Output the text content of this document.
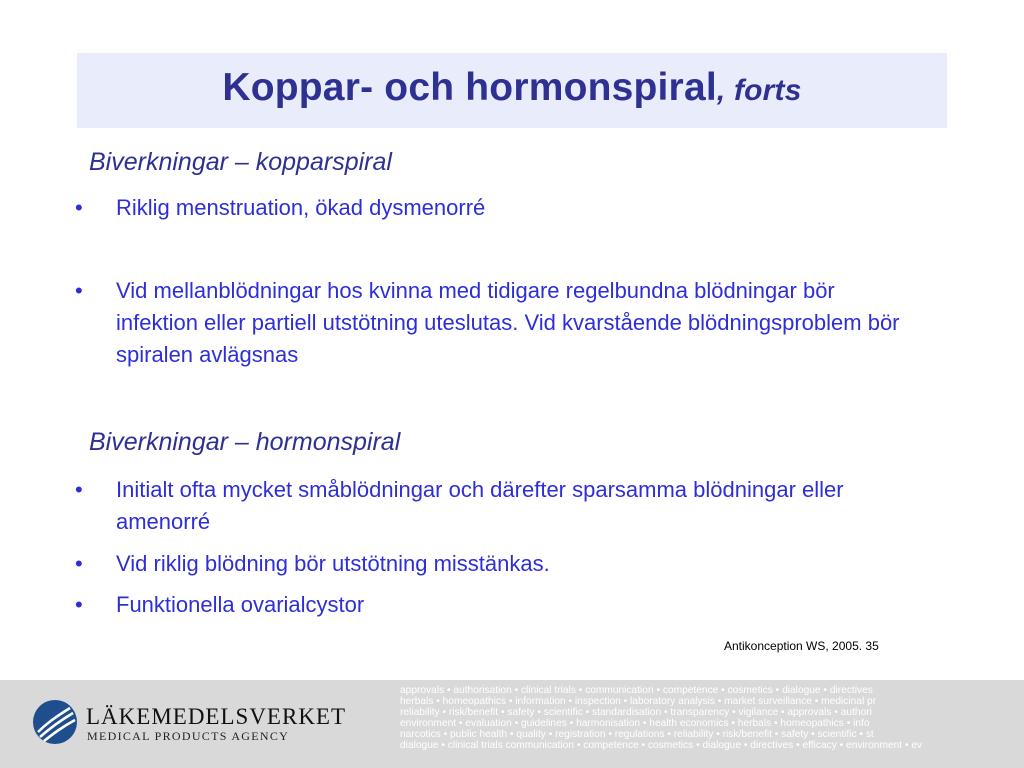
Koppar- och hormonspiral, forts
Biverkningar – kopparspiral
• Riklig menstruation, ökad dysmenorré
• Vid mellanblödningar hos kvinna med tidigare regelbundna blödningar bör infektion eller partiell utstötning uteslutas. Vid kvarstående blödningsproblem bör spiralen avlägsnas
Biverkningar – hormonspiral
• Initialt ofta mycket småblödningar och därefter sparsamma blödningar eller amenorré
• Vid riklig blödning bör utstötning misstänkas.
• Funktionella ovarialcystor
Antikonception WS, 2005. 35
LÄKEMEDELSVERKET
MEDICAL PRODUCTS AGENCY
approvals • authorisation • clinical trials • communication • competence • cosmetics • dialogue • directives
herbals • homeopathics • information • inspection • laboratory analysis • market surveillance • medicinal pr
reliability • risk/benefit • safety • scientific • standardisation • transparency • vigilance • approvals • authori
environment • evaluation • guidelines • harmonisation • health economics • herbals • homeopathics • info
narcotics • public health • quality • registration • regulations • reliability • risk/benefit • safety • scientific • st
dialogue • clinical trials communication • competence • cosmetics • dialogue • directives • efficacy • environment • ev
